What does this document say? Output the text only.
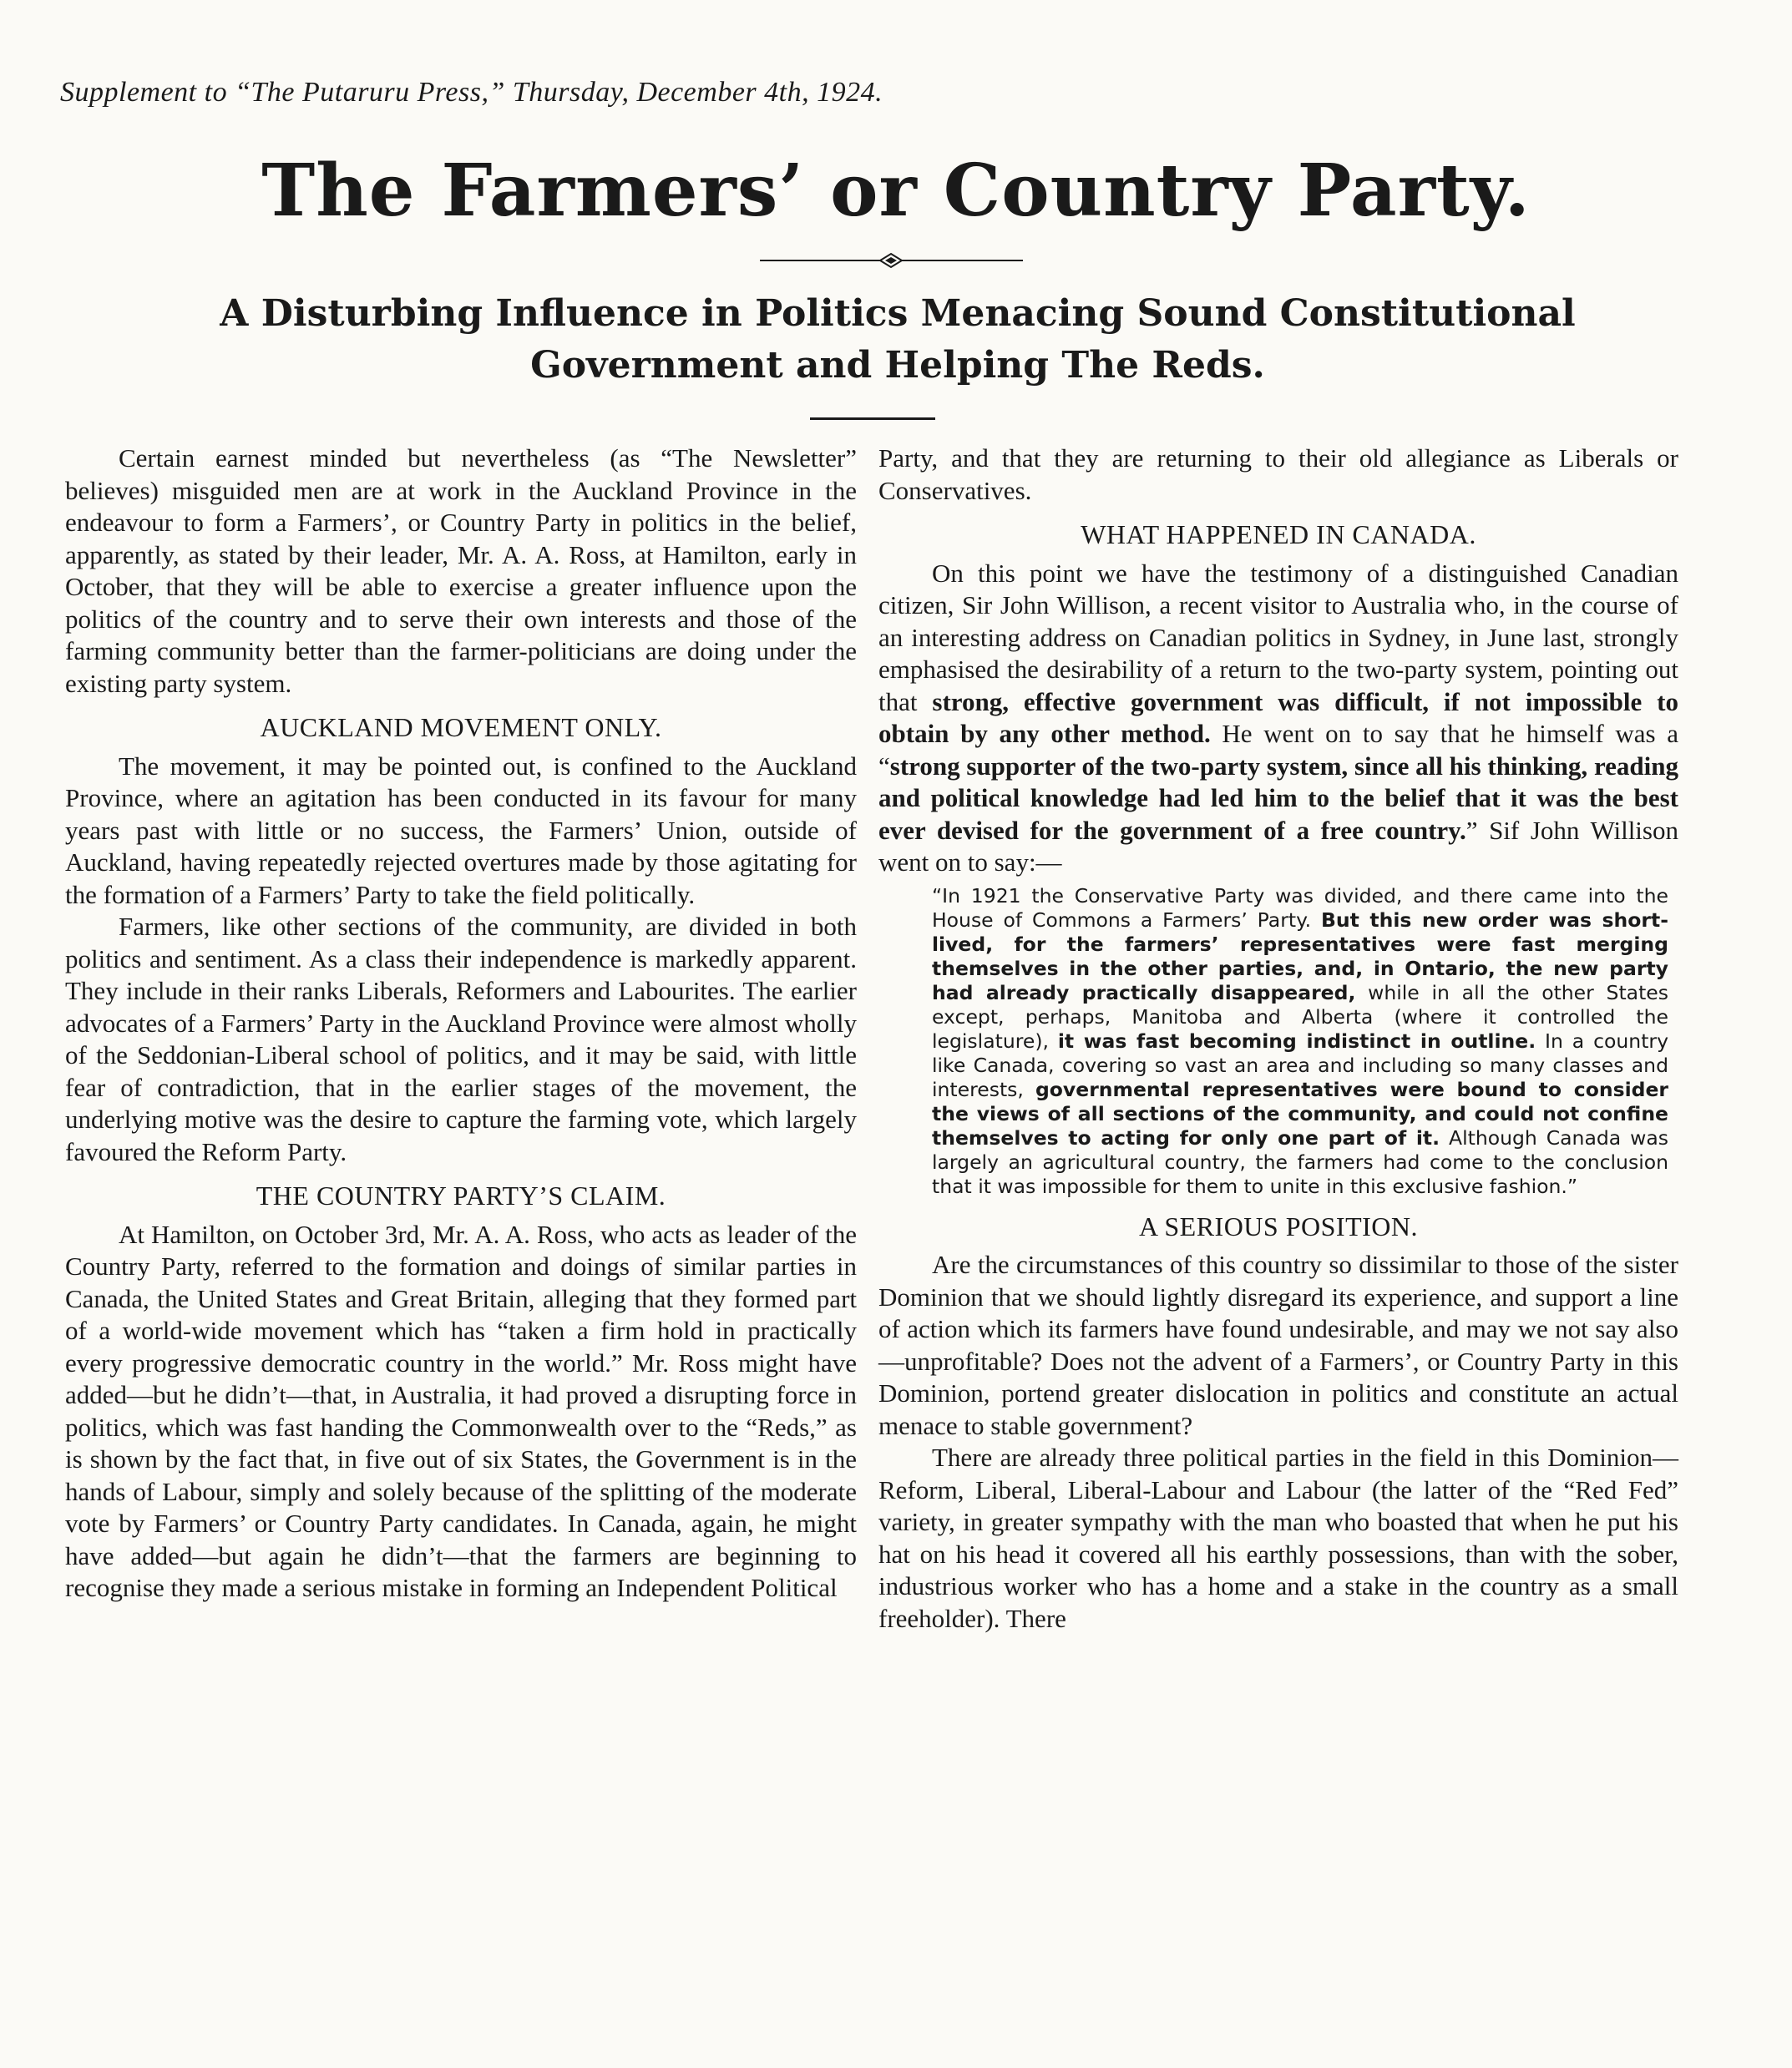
Supplement to “The Putaruru Press,” Thursday, December 4th, 1924.
The Farmers’ or Country Party.
A Disturbing Influence in Politics Menacing Sound Constitutional
Government and Helping The Reds.

Certain earnest minded but nevertheless (as “The Newsletter” believes) misguided men are at work in the Auckland Province in the endeavour to form a Farmers’, or Country Party in politics in the belief, apparently, as stated by their leader, Mr. A. A. Ross, at Hamilton, early in October, that they will be able to exercise a greater influence upon the politics of the country and to serve their own interests and those of the farming community better than the farmer-politicians are doing under the existing party system.

AUCKLAND MOVEMENT ONLY.

The movement, it may be pointed out, is confined to the Auckland Province, where an agitation has been conducted in its favour for many years past with little or no success, the Farmers’ Union, outside of Auckland, having repeatedly rejected overtures made by those agitating for the formation of a Farmers’ Party to take the field politically.

Farmers, like other sections of the community, are divided in both politics and sentiment. As a class their independence is markedly apparent. They include in their ranks Liberals, Reformers and Labourites. The earlier advocates of a Farmers’ Party in the Auckland Province were almost wholly of the Seddonian-Liberal school of politics, and it may be said, with little fear of contradiction, that in the earlier stages of the movement, the underlying motive was the desire to capture the farming vote, which largely favoured the Reform Party.

THE COUNTRY PARTY’S CLAIM.

At Hamilton, on October 3rd, Mr. A. A. Ross, who acts as leader of the Country Party, referred to the formation and doings of similar parties in Canada, the United States and Great Britain, alleging that they formed part of a world-wide movement which has “taken a firm hold in practically every progressive democratic country in the world.” Mr. Ross might have added—but he didn’t—that, in Australia, it had proved a disrupting force in politics, which was fast handing the Commonwealth over to the “Reds,” as is shown by the fact that, in five out of six States, the Government is in the hands of Labour, simply and solely because of the splitting of the moderate vote by Farmers’ or Country Party candidates. In Canada, again, he might have added—but again he didn’t—that the farmers are beginning to recognise they made a serious mistake in forming an Independent Political

Party, and that they are returning to their old allegiance as Liberals or Conservatives.

WHAT HAPPENED IN CANADA.

On this point we have the testimony of a distinguished Canadian citizen, Sir John Willison, a recent visitor to Australia who, in the course of an interesting address on Canadian politics in Sydney, in June last, strongly emphasised the desirability of a return to the two-party system, pointing out that strong, effective government was difficult, if not impossible to obtain by any other method. He went on to say that he himself was a “strong supporter of the two-party system, since all his thinking, reading and political knowledge had led him to the belief that it was the best ever devised for the government of a free country.” Sif John Willison went on to say:—

“In 1921 the Conservative Party was divided, and there came into the House of Commons a Farmers’ Party. But this new order was short-lived, for the farmers’ representatives were fast merging themselves in the other parties, and, in Ontario, the new party had already practically disappeared, while in all the other States except, perhaps, Manitoba and Alberta (where it controlled the legislature), it was fast becoming indistinct in outline. In a country like Canada, covering so vast an area and including so many classes and interests, governmental representatives were bound to consider the views of all sections of the community, and could not confine themselves to acting for only one part of it. Although Canada was largely an agricultural country, the farmers had come to the conclusion that it was impossible for them to unite in this exclusive fashion.”
A SERIOUS POSITION.

Are the circumstances of this country so dissimilar to those of the sister Dominion that we should lightly disregard its experience, and support a line of action which its farmers have found undesirable, and may we not say also—unprofitable? Does not the advent of a Farmers’, or Country Party in this Dominion, portend greater dislocation in politics and constitute an actual menace to stable government?

There are already three political parties in the field in this Dominion—Reform, Liberal, Liberal-Labour and Labour (the latter of the “Red Fed” variety, in greater sympathy with the man who boasted that when he put his hat on his head it covered all his earthly possessions, than with the sober, industrious worker who has a home and a stake in the country as a small freeholder). There
